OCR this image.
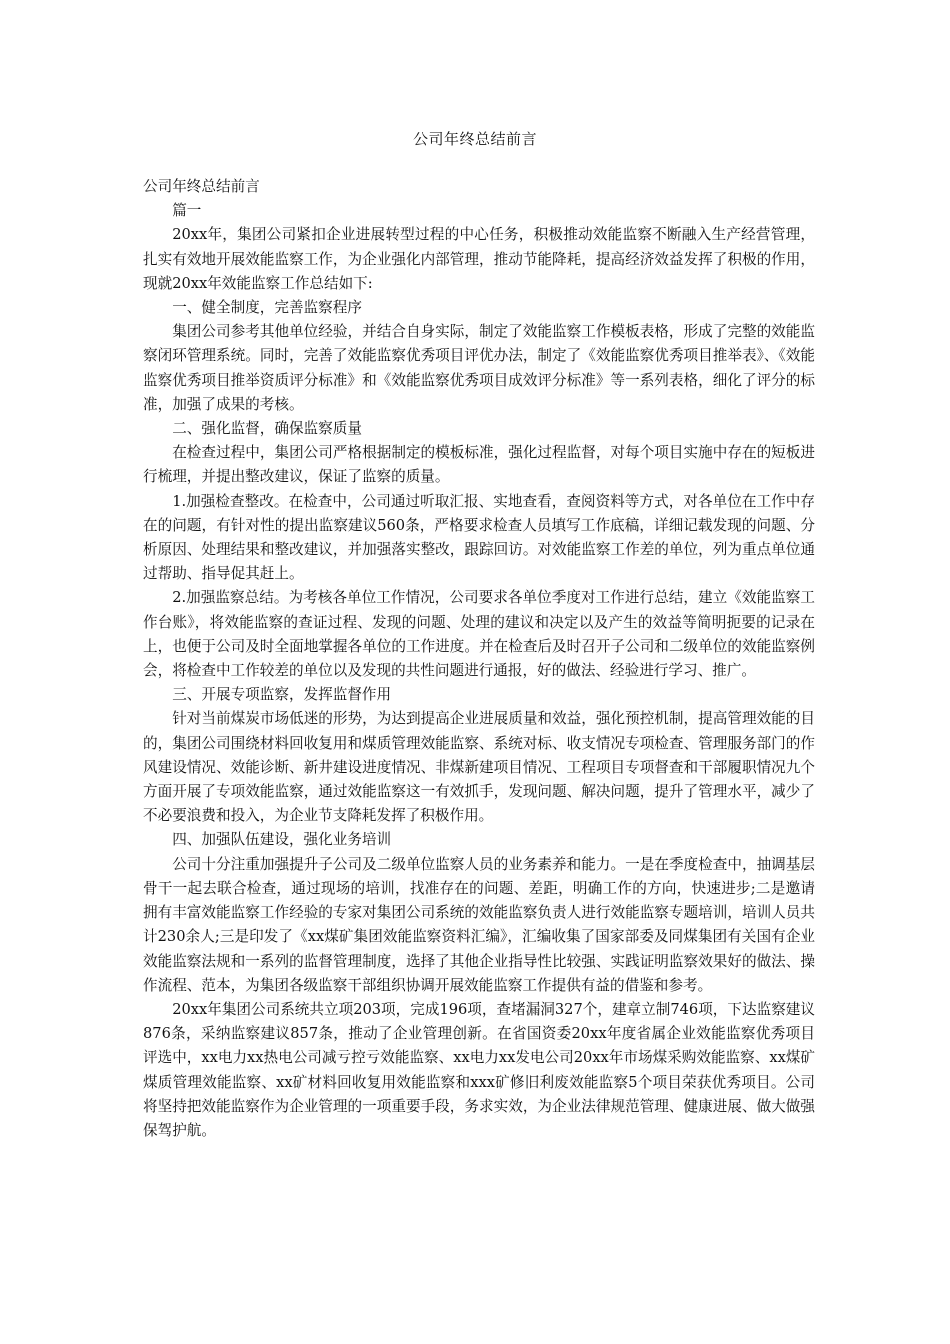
公司年终总结前言

公司年终总结前言

篇一

20xx年，集团公司紧扣企业进展转型过程的中心任务，积极推动效能监察不断融入生产经营管理，扎实有效地开展效能监察工作，为企业强化内部管理，推动节能降耗，提高经济效益发挥了积极的作用，现就20xx年效能监察工作总结如下:

一、健全制度，完善监察程序

集团公司参考其他单位经验，并结合自身实际，制定了效能监察工作模板表格，形成了完整的效能监察闭环管理系统。同时，完善了效能监察优秀项目评优办法，制定了《效能监察优秀项目推举表》、《效能监察优秀项目推举资质评分标准》和《效能监察优秀项目成效评分标准》等一系列表格，细化了评分的标准，加强了成果的考核。

二、强化监督，确保监察质量

在检查过程中，集团公司严格根据制定的模板标准，强化过程监督，对每个项目实施中存在的短板进行梳理，并提出整改建议，保证了监察的质量。

1.加强检查整改。在检查中，公司通过听取汇报、实地查看，查阅资料等方式，对各单位在工作中存在的问题，有针对性的提出监察建议560条，严格要求检查人员填写工作底稿，详细记载发现的问题、分析原因、处理结果和整改建议，并加强落实整改，跟踪回访。对效能监察工作差的单位，列为重点单位通过帮助、指导促其赶上。

2.加强监察总结。为考核各单位工作情况，公司要求各单位季度对工作进行总结，建立《效能监察工作台账》，将效能监察的查证过程、发现的问题、处理的建议和决定以及产生的效益等简明扼要的记录在上，也便于公司及时全面地掌握各单位的工作进度。并在检查后及时召开子公司和二级单位的效能监察例会，将检查中工作较差的单位以及发现的共性问题进行通报，好的做法、经验进行学习、推广。

三、开展专项监察，发挥监督作用

针对当前煤炭市场低迷的形势，为达到提高企业进展质量和效益，强化预控机制，提高管理效能的目的，集团公司围绕材料回收复用和煤质管理效能监察、系统对标、收支情况专项检查、管理服务部门的作风建设情况、效能诊断、新井建设进度情况、非煤新建项目情况、工程项目专项督查和干部履职情况九个方面开展了专项效能监察，通过效能监察这一有效抓手，发现问题、解决问题，提升了管理水平，减少了不必要浪费和投入，为企业节支降耗发挥了积极作用。

四、加强队伍建设，强化业务培训

公司十分注重加强提升子公司及二级单位监察人员的业务素养和能力。一是在季度检查中，抽调基层骨干一起去联合检查，通过现场的培训，找准存在的问题、差距，明确工作的方向，快速进步;二是邀请拥有丰富效能监察工作经验的专家对集团公司系统的效能监察负责人进行效能监察专题培训，培训人员共计230余人;三是印发了《xx煤矿集团效能监察资料汇编》，汇编收集了国家部委及同煤集团有关国有企业效能监察法规和一系列的监督管理制度，选择了其他企业指导性比较强、实践证明监察效果好的做法、操作流程、范本，为集团各级监察干部组织协调开展效能监察工作提供有益的借鉴和参考。

20xx年集团公司系统共立项203项，完成196项，查堵漏洞327个，建章立制746项，下达监察建议876条，采纳监察建议857条，推动了企业管理创新。在省国资委20xx年度省属企业效能监察优秀项目评选中，xx电力xx热电公司减亏控亏效能监察、xx电力xx发电公司20xx年市场煤采购效能监察、xx煤矿煤质管理效能监察、xx矿材料回收复用效能监察和xxx矿修旧利废效能监察5个项目荣获优秀项目。公司将坚持把效能监察作为企业管理的一项重要手段，务求实效，为企业法律规范管理、健康进展、做大做强保驾护航。
